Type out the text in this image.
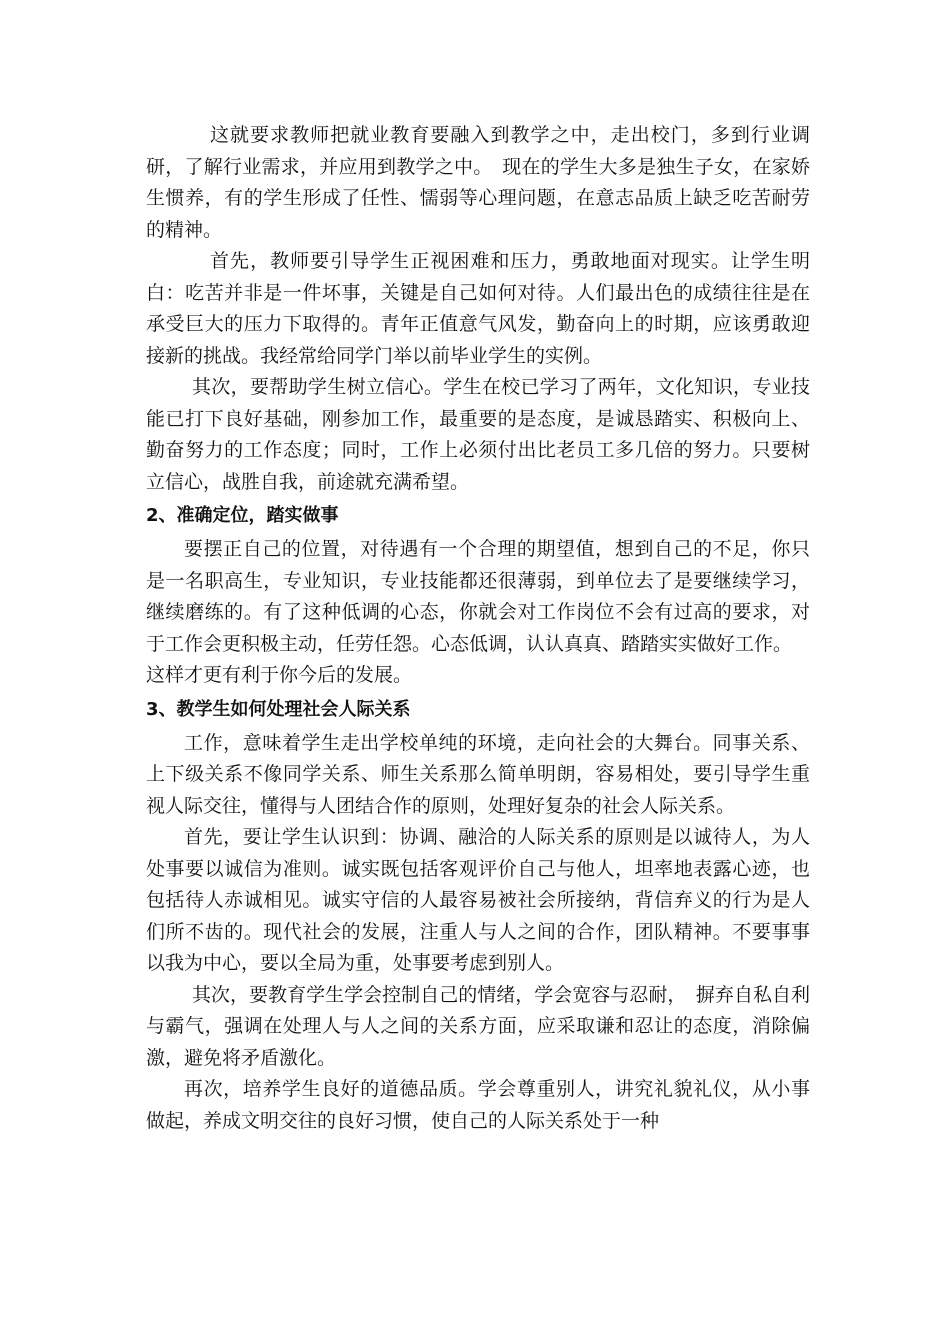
这就要求教师把就业教育要融入到教学之中，走出校门，多到行业调研，了解行业需求，并应用到教学之中。　现在的学生大多是独生子女，在家娇生惯养，有的学生形成了任性、懦弱等心理问题，在意志品质上缺乏吃苦耐劳的精神。

首先，教师要引导学生正视困难和压力，勇敢地面对现实。让学生明白：吃苦并非是一件坏事，关键是自己如何对待。人们最出色的成绩往往是在承受巨大的压力下取得的。青年正值意气风发，勤奋向上的时期，应该勇敢迎接新的挑战。我经常给同学门举以前毕业学生的实例。

其次，要帮助学生树立信心。学生在校已学习了两年，文化知识，专业技能已打下良好基础，刚参加工作，最重要的是态度，是诚恳踏实、积极向上、勤奋努力的工作态度；同时，工作上必须付出比老员工多几倍的努力。只要树立信心，战胜自我，前途就充满希望。

2、准确定位，踏实做事

要摆正自己的位置，对待遇有一个合理的期望值，想到自己的不足，你只是一名职高生，专业知识，专业技能都还很薄弱，到单位去了是要继续学习，继续磨练的。有了这种低调的心态，你就会对工作岗位不会有过高的要求，对于工作会更积极主动，任劳任怨。心态低调，认认真真、踏踏实实做好工作。

这样才更有利于你今后的发展。

3、教学生如何处理社会人际关系

工作，意味着学生走出学校单纯的环境，走向社会的大舞台。同事关系、上下级关系不像同学关系、师生关系那么简单明朗，容易相处，要引导学生重视人际交往，懂得与人团结合作的原则，处理好复杂的社会人际关系。

首先，要让学生认识到：协调、融洽的人际关系的原则是以诚待人，为人处事要以诚信为准则。诚实既包括客观评价自己与他人，坦率地表露心迹，也包括待人赤诚相见。诚实守信的人最容易被社会所接纳，背信弃义的行为是人们所不齿的。现代社会的发展，注重人与人之间的合作，团队精神。不要事事以我为中心，要以全局为重，处事要考虑到别人。

其次，要教育学生学会控制自己的情绪，学会宽容与忍耐，　摒弃自私自利与霸气，强调在处理人与人之间的关系方面，应采取谦和忍让的态度，消除偏激，避免将矛盾激化。

再次，培养学生良好的道德品质。学会尊重别人，讲究礼貌礼仪，从小事做起，养成文明交往的良好习惯，使自己的人际关系处于一种
